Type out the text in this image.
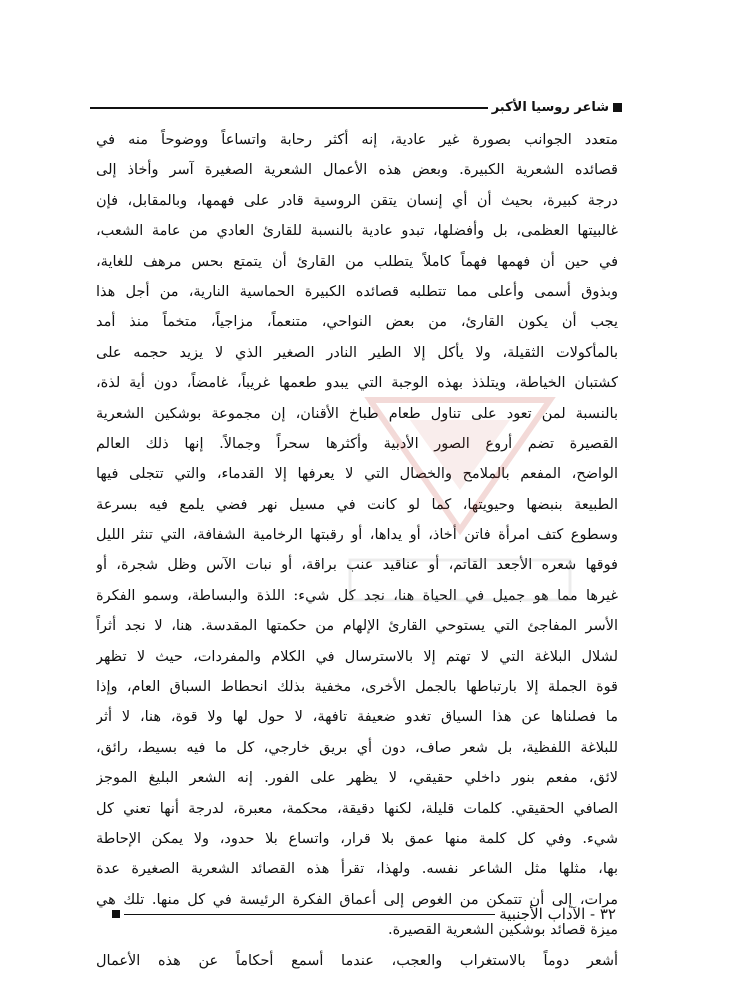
شاعر روسيا الأكبر
متعدد الجوانب بصورة غير عادية، إنه أكثر رحابة واتساعاً ووضوحاً منه في
قصائده الشعرية الكبيرة. وبعض هذه الأعمال الشعرية الصغيرة آسر وأخاذ إلى
درجة كبيرة، بحيث أن أي إنسان يتقن الروسية قادر على فهمها، وبالمقابل، فإن
غالبيتها العظمى، بل وأفضلها، تبدو عادية بالنسبة للقارئ العادي من عامة الشعب،
في حين أن فهمها فهماً كاملاً يتطلب من القارئ أن يتمتع بحس مرهف للغاية،
وبذوق أسمى وأعلى مما تتطلبه قصائده الكبيرة الحماسية النارية، من أجل هذا
يجب أن يكون القارئ، من بعض النواحي، متنعماً، مزاجياً، متخماً منذ أمد
بالمأكولات الثقيلة، ولا يأكل إلا الطير النادر الصغير الذي لا يزيد حجمه على
كشتبان الخياطة، ويتلذذ بهذه الوجبة التي يبدو طعمها غريباً، غامضاً، دون أية لذة،
بالنسبة لمن تعود على تناول طعام طباخ الأقنان، إن مجموعة بوشكين الشعرية
القصيرة تضم أروع الصور الأدبية وأكثرها سحراً وجمالاً. إنها ذلك العالم
الواضح، المفعم بالملامح والخصال التي لا يعرفها إلا القدماء، والتي تتجلى فيها
الطبيعة بنبضها وحيويتها، كما لو كانت في مسيل نهر فضي يلمع فيه بسرعة
وسطوع كتف امرأة فاتن أخاذ، أو يداها، أو رقبتها الرخامية الشفافة، التي تنثر الليل
فوقها شعره الأجعد القاتم، أو عناقيد عنب براقة، أو نبات الآس وظل شجرة، أو
غيرها مما هو جميل في الحياة هنا، نجد كل شيء: اللذة والبساطة، وسمو الفكرة
الأسر المفاجئ التي يستوحي القارئ الإلهام من حكمتها المقدسة. هنا، لا نجد أثراً
لشلال البلاغة التي لا تهتم إلا بالاسترسال في الكلام والمفردات، حيث لا تظهر
قوة الجملة إلا بارتباطها بالجمل الأخرى، مخفية بذلك انحطاط السباق العام، وإذا
ما فصلناها عن هذا السياق تغدو ضعيفة تافهة، لا حول لها ولا قوة، هنا، لا أثر
للبلاغة اللفظية، بل شعر صاف، دون أي بريق خارجي، كل ما فيه بسيط، رائق،
لائق، مفعم بنور داخلي حقيقي، لا يظهر على الفور. إنه الشعر البليغ الموجز
الصافي الحقيقي. كلمات قليلة، لكنها دقيقة، محكمة، معبرة، لدرجة أنها تعني كل
شيء. وفي كل كلمة منها عمق بلا قرار، واتساع بلا حدود، ولا يمكن الإحاطة
بها، مثلها مثل الشاعر نفسه. ولهذا، تقرأ هذه القصائد الشعرية الصغيرة عدة
مرات، إلى أن تتمكن من الغوص إلى أعماق الفكرة الرئيسة في كل منها. تلك هي
ميزة قصائد بوشكين الشعرية القصيرة.
أشعر دوماً بالاستغراب والعجب، عندما أسمع أحكاماً عن هذه الأعمال
٣٢ - الآداب الأجنبية
